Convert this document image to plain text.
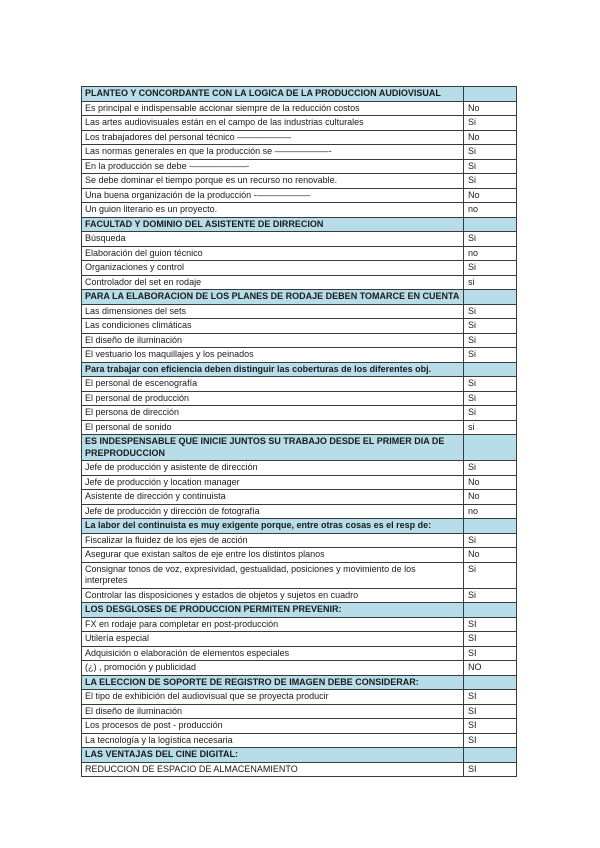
PLANTEO Y CONCORDANTE CON LA LOGICA DE LA PRODUCCION AUDIOVISUAL	
Es principal e indispensable accionar siempre de la reducción costos	No
Las artes audiovisuales están en el campo de las industrias culturales	Si
Los trabajadores del personal técnico ——————	No
Las normas generales en que la producción se ——————-	Si
En la producción se debe -——————-	Si
Se debe dominar el tiempo porque es un recurso no renovable.	Si
Una buena organización de la producción -——————	No
Un guion literario es un proyecto.	no
FACULTAD Y DOMINIO DEL ASISTENTE DE DIRRECION	
Búsqueda	Si
Elaboración del guion técnico	no
Organizaciones y control	Si
Controlador del set en rodaje	si
PARA LA ELABORACION DE LOS PLANES DE RODAJE DEBEN TOMARCE EN CUENTA	
Las dimensiones del sets	Si
Las condiciones climáticas	Si
El diseño de iluminación	Si
El vestuario los maquillajes y los peinados	Si
Para trabajar con eficiencia deben distinguir las coberturas de los diferentes obj.	
El personal de escenografía	Si
El personal de producción	Si
El persona de dirección	Si
El personal de sonido	si
ES INDESPENSABLE QUE INICIE JUNTOS SU TRABAJO DESDE EL PRIMER DIA DE PREPRODUCCION	
Jefe de producción y asistente de dirección	Si
Jefe de producción y location manager	No
Asistente de dirección y continuista	No
Jefe de producción y dirección de fotografía	no
La labor del continuista es muy exigente porque, entre otras cosas es el resp de:	
Fiscalizar la fluidez de los ejes de acción	Si
Asegurar que existan saltos de eje entre los distintos planos	No
Consignar tonos de voz, expresividad, gestualidad, posiciones y movimiento de los interpretes	Si
Controlar las disposiciones y estados de objetos y sujetos en cuadro	Si
LOS DESGLOSES DE PRODUCCION PERMITEN PREVENIR:	
FX en rodaje para completar en post-producción	SI
Utilería especial	SI
Adquisición o elaboración de elementos especiales	SI
(¿) , promoción y publicidad	NO
LA ELECCION DE SOPORTE DE REGISTRO DE IMAGEN DEBE CONSIDERAR:	
El tipo de exhibición del audiovisual que se proyecta producir	SI
El diseño de iluminación	SI
Los procesos de post - producción	SI
La tecnología y la logística necesaria	SI
LAS VENTAJAS DEL CINE DIGITAL:	
REDUCCION DE ESPACIO DE ALMACENAMIENTO	SI
